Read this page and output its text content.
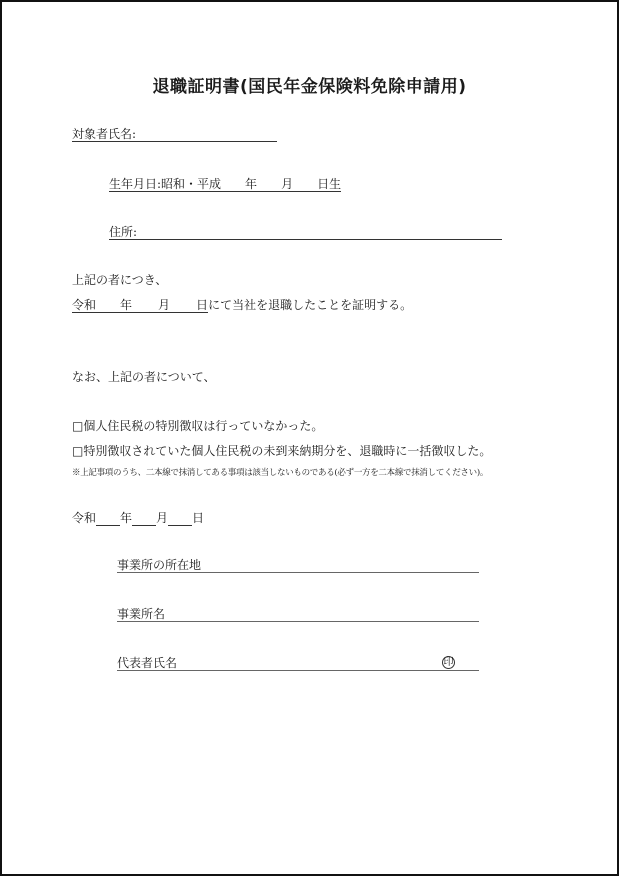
退職証明書(国民年金保険料免除申請用)
対象者氏名:
生年月日:昭和・平成 年 月 日生
住所:
上記の者につき、
令和 年 月 日にて当社を退職したことを証明する。
なお、上記の者について、
□個人住民税の特別徴収は行っていなかった。
□特別徴収されていた個人住民税の未到来納期分を、退職時に一括徴収した。
※上記事項のうち、二本線で抹消してある事項は該当しないものである(必ず一方を二本線で抹消してください)。
令和 年 月 日
事業所の所在地
事業所名
代表者氏名	印
